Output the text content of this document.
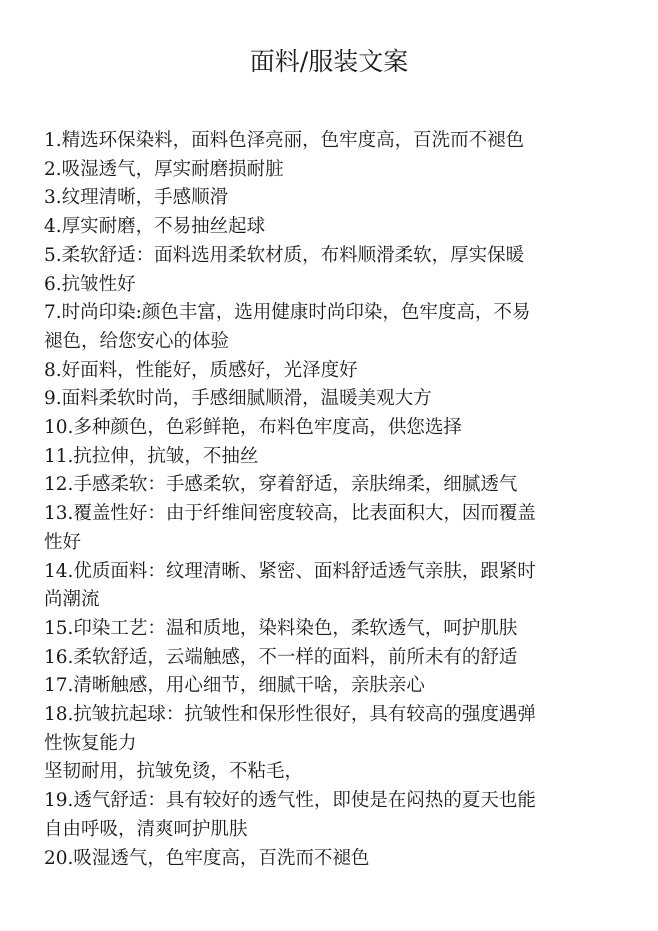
面料/服装文案
1.精选环保染料，面料色泽亮丽，色牢度高，百洗而不褪色
2.吸湿透气，厚实耐磨损耐脏
3.纹理清晰，手感顺滑
4.厚实耐磨，不易抽丝起球
5.柔软舒适：面料选用柔软材质，布料顺滑柔软，厚实保暖
6.抗皱性好
7.时尚印染:颜色丰富，选用健康时尚印染，色牢度高，不易
褪色，给您安心的体验
8.好面料，性能好，质感好，光泽度好
9.面料柔软时尚，手感细腻顺滑，温暖美观大方
10.多种颜色，色彩鲜艳，布料色牢度高，供您选择
11.抗拉伸，抗皱，不抽丝
12.手感柔软：手感柔软，穿着舒适，亲肤绵柔，细腻透气
13.覆盖性好：由于纤维间密度较高，比表面积大，因而覆盖
性好
14.优质面料：纹理清晰、紧密、面料舒适透气亲肤，跟紧时
尚潮流
15.印染工艺：温和质地，染料染色，柔软透气，呵护肌肤
16.柔软舒适，云端触感，不一样的面料，前所未有的舒适
17.清晰触感，用心细节，细腻干啥，亲肤亲心
18.抗皱抗起球：抗皱性和保形性很好，具有较高的强度遇弹
性恢复能力
坚韧耐用，抗皱免烫，不粘毛，
19.透气舒适：具有较好的透气性，即使是在闷热的夏天也能
自由呼吸，清爽呵护肌肤
20.吸湿透气，色牢度高，百洗而不褪色
